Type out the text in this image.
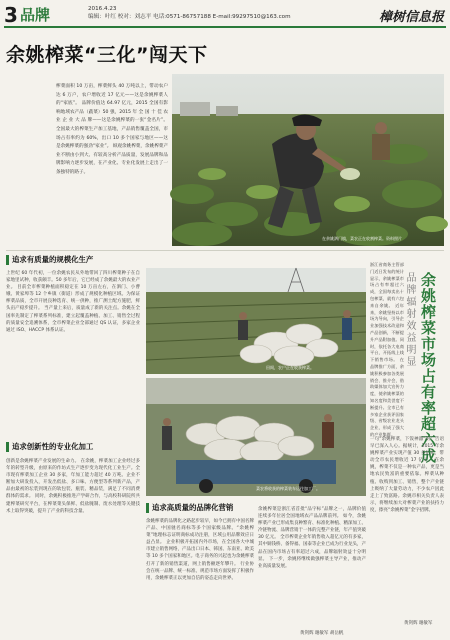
3 品牌	2016.4.23
编辑：叶红 校对：刘志平 电话:0571-86757188 E-mail:99297510@163.com	樟树信息报
余姚榨菜“三化”闯天下
榨菜面积 10 万亩，榨菜鲜头 40 万吨以上，带动农户达 6 万户，农户增收近 17 亿元——这是余姚榨菜人的“家底”。 品牌价值达 64.97 亿元，2015 全国有影响地域农产品（蔬菜）50 强，2015 年 全 国 十 佳 农 业 企 业 大 品 牌——这是余姚榨菜的一张“金名片”。 全国最大的榨菜生产加工基地，产品销售覆盖全国，市场占有率约为 60%，出口 10 多个国家与地区——这是余姚榨菜的强劲“家业”。 纵观余姚榨菜，余姚榨菜产业不断由小到大、有较高分析产品质量，发展品牌和品牌影响力逐步发展，在产业化、专业化发展上走出了一条独特的路子。
在余姚泗门镇，菜农正在收割榨菜。资料照片
追求有质量的规模化生产
上世纪 60 年代初，一位余姚农民从外地带回了四川榨菜种子在自家地里试种，收获颇丰。50 多年后，它已经成了余姚最大的农业产业。 目前全市榨菜种植面积稳定在 10 万亩左右，在泗门、小曹娥、黄家埠等 12 个乡镇（街道）形成了规模化种植区域。为保证榨菜品质，全市开展良种选育、统一供种，推广测土配方施肥，鲜头亩产稳步提升。 当产量上来后，质量成了新的关注点。余姚在全国率先制定了榨菜系列标准，建立起覆盖种植、加工、销售全过程的质量安全追溯体系，全市榨菜企业全部通过 QS 认证，多家企业通过 ISO、HACCP 体系认证。
田间，农户正在收获榨菜。
菜农将收获的榨菜装车运往加工厂。
浙江省商务主管部门近日发布的统计显示，余姚榨菜市场占有率超过六成，全国每卖出十包榨菜，就有六包来自余姚。 近年来，余姚坚持以市场为导向，引导企业加强技术改造和产品创新，不断提升产品附加值。同时，依托各大电商平台，开拓线上线下销售市场。 在品牌推广方面，余姚积极参加各类展销会、推介会，借助媒体加大宣传力度，使余姚榨菜的知名度和美誉度不断提升。全市已有多家企业获评国家级、省级农业龙头企业，形成了强大的产业集群。	余姚榨菜市场占有率超六成
品牌辐射效益明显
追求创新性的专业化加工
创新是余姚榨菜产业发展的生命力。 在余姚，榨菜加工企业经过多年的转型升级，由原来的作坊式生产逐步变为现代化工业生产。全市现有榨菜加工企业 30 多家，年加工能力超过 40 万吨。企业不断加大研发投入，开发出低盐、多口味、方便型等系列新产品，产品由最初的坛装到现在的软包装、瓶装、精品装，满足了不同消费群体的需求。 同时，余姚积极推进产学研合作，与高校科研院所共建榨菜研究平台，在榨菜菜头保鲜、低盐腌制、废水处理等关键技术上取得突破，提升了产业的科技含量。	追求高质量的品牌化营销
余姚榨菜的品牌化之路起步较早，如今已拥有中国名牌产品、中国驰名商标等多个国家级品牌。“余姚榨菜”地理标志证明商标成功注册，区域公用品牌效应日益凸显。 企业积极开拓国内外市场，在全国各大中城市建立销售网络，产品出口日本、韩国、东南亚、欧美等 10 多个国家和地区。电子商务的兴起也为余姚榨菜打开了新的销售渠道，网上销售额逐年攀升。 行业协会在统一品牌、统一标准、规范市场方面发挥了积极作用，余姚榨菜正以更加自信的姿态走向世界。
余姚榨菜是浙江省首批“品字标”品牌之一，品牌价值连续多年位居全国地域农产品品牌前列。 如今，余姚榨菜产业已形成集良种繁育、标准化种植、精深加工、冷链物流、品牌营销于一体的完整产业链，年产值突破 30 亿元。 全市榨菜企业年销售收入超亿元的有多家，其中铜钱桥、备得福、国泰等企业已成为行业龙头，产品在国内市场占有率超过六成，品牌辐射效益十分明显。 下一步，余姚将继续做强榨菜主导产业，推动产业高质量发展。
一句“余姚榨菜，下饭神器”的广告语早已深入人心。据统计，2015 年余姚榨菜产业实现产值 30 多亿元，带动全市农民增收近 17 亿元。 在余姚，榨菜不仅是一种农产品，更是当地农民致富的重要依靠。榨菜从种植、收购到加工、销售，整个产业链上吸纳了大量劳动力，不少农户因此走上了致富路。余姚市相关负责人表示，将继续加大对榨菜产业的扶持力度，擦亮“余姚榨菜”金字招牌。
黄剑辉 谢敏军 胡岳帆
黄剑辉 谢敏军
